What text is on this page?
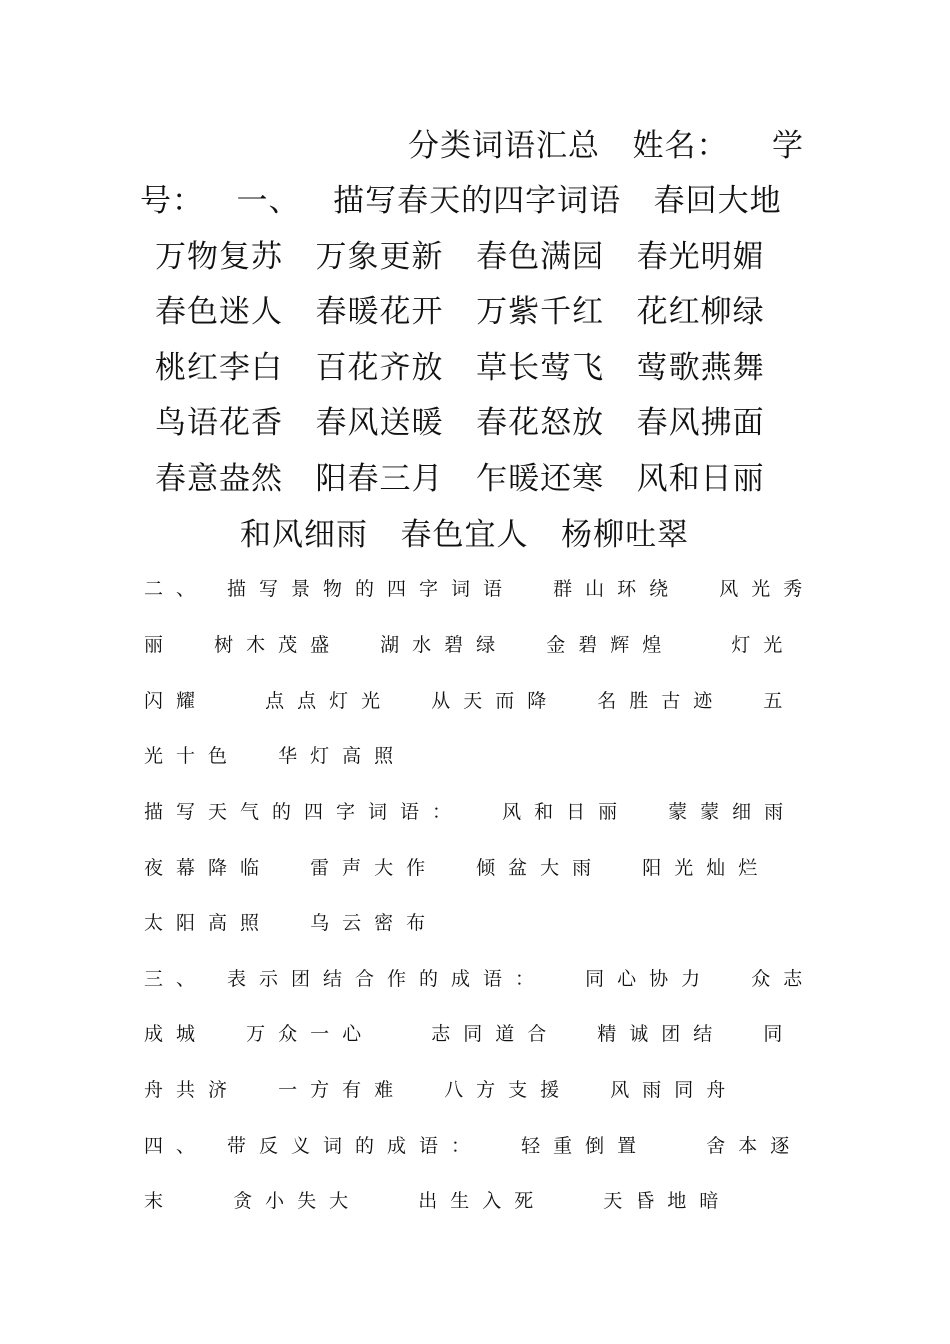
分类词语汇总   姓名：    学
号：   一、   描写春天的四字词语   春回大地
万物复苏   万象更新   春色满园   春光明媚
春色迷人   春暖花开   万紫千红   花红柳绿
桃红李白   百花齐放   草长莺飞   莺歌燕舞
鸟语花香   春风送暖   春花怒放   春风拂面
春意盎然   阳春三月   乍暖还寒   风和日丽
和风细雨   春色宜人   杨柳吐翠
二、 描写景物的四字词语  群山环绕  风光秀
丽  树木茂盛  湖水碧绿  金碧辉煌   灯光
闪耀   点点灯光  从天而降  名胜古迹  五
光十色  华灯高照
描写天气的四字词语：  风和日丽  蒙蒙细雨
夜幕降临  雷声大作  倾盆大雨  阳光灿烂
太阳高照  乌云密布
三、 表示团结合作的成语：  同心协力  众志
成城  万众一心   志同道合  精诚团结  同
舟共济  一方有难  八方支援  风雨同舟
四、 带反义词的成语：  轻重倒置   舍本逐
末   贪小失大   出生入死   天昏地暗
